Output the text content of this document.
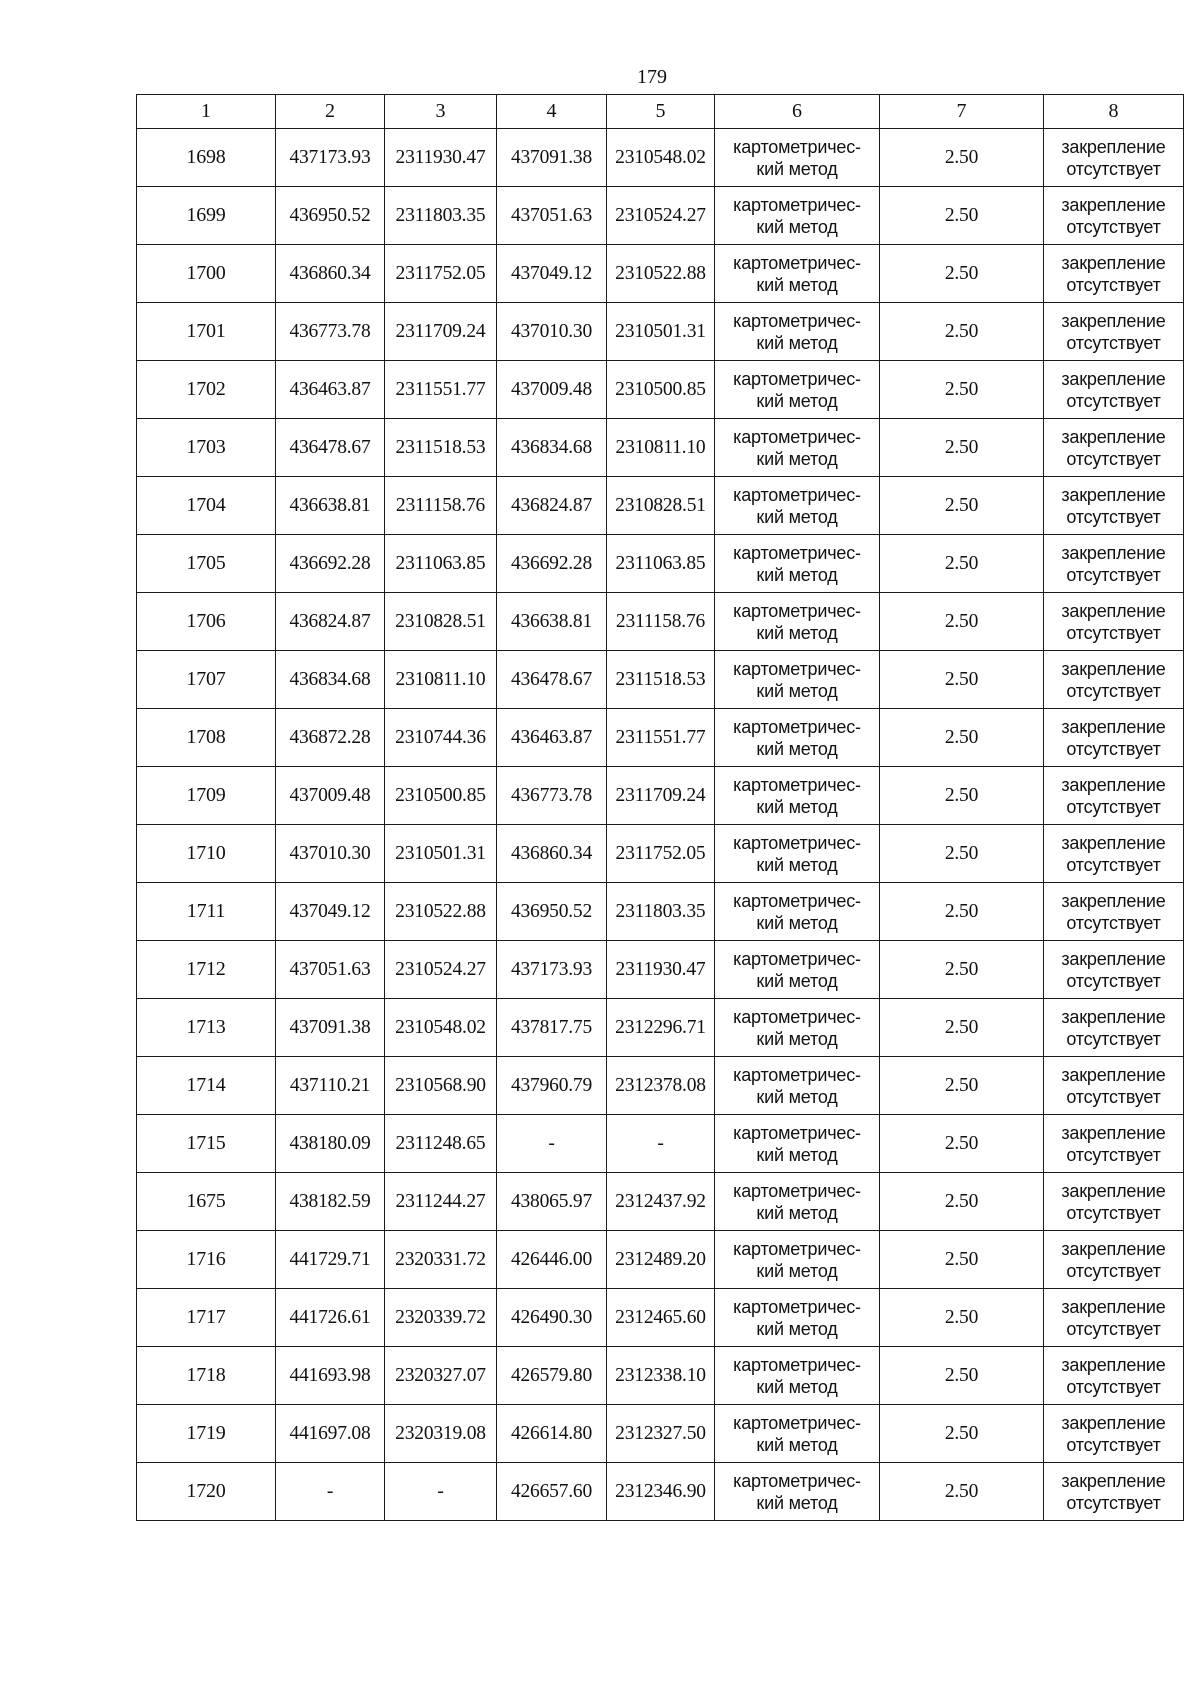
179
1	2	3	4	5	6	7	8
1698	437173.93	2311930.47	437091.38	2310548.02	картометричес-
кий метод	2.50	закрепление
отсутствует

1699	436950.52	2311803.35	437051.63	2310524.27	картометричес-
кий метод	2.50	закрепление
отсутствует

1700	436860.34	2311752.05	437049.12	2310522.88	картометричес-
кий метод	2.50	закрепление
отсутствует

1701	436773.78	2311709.24	437010.30	2310501.31	картометричес-
кий метод	2.50	закрепление
отсутствует

1702	436463.87	2311551.77	437009.48	2310500.85	картометричес-
кий метод	2.50	закрепление
отсутствует

1703	436478.67	2311518.53	436834.68	2310811.10	картометричес-
кий метод	2.50	закрепление
отсутствует

1704	436638.81	2311158.76	436824.87	2310828.51	картометричес-
кий метод	2.50	закрепление
отсутствует

1705	436692.28	2311063.85	436692.28	2311063.85	картометричес-
кий метод	2.50	закрепление
отсутствует

1706	436824.87	2310828.51	436638.81	2311158.76	картометричес-
кий метод	2.50	закрепление
отсутствует

1707	436834.68	2310811.10	436478.67	2311518.53	картометричес-
кий метод	2.50	закрепление
отсутствует

1708	436872.28	2310744.36	436463.87	2311551.77	картометричес-
кий метод	2.50	закрепление
отсутствует

1709	437009.48	2310500.85	436773.78	2311709.24	картометричес-
кий метод	2.50	закрепление
отсутствует

1710	437010.30	2310501.31	436860.34	2311752.05	картометричес-
кий метод	2.50	закрепление
отсутствует

1711	437049.12	2310522.88	436950.52	2311803.35	картометричес-
кий метод	2.50	закрепление
отсутствует

1712	437051.63	2310524.27	437173.93	2311930.47	картометричес-
кий метод	2.50	закрепление
отсутствует

1713	437091.38	2310548.02	437817.75	2312296.71	картометричес-
кий метод	2.50	закрепление
отсутствует

1714	437110.21	2310568.90	437960.79	2312378.08	картометричес-
кий метод	2.50	закрепление
отсутствует

1715	438180.09	2311248.65	-	-	картометричес-
кий метод	2.50	закрепление
отсутствует

1675	438182.59	2311244.27	438065.97	2312437.92	картометричес-
кий метод	2.50	закрепление
отсутствует

1716	441729.71	2320331.72	426446.00	2312489.20	картометричес-
кий метод	2.50	закрепление
отсутствует

1717	441726.61	2320339.72	426490.30	2312465.60	картометричес-
кий метод	2.50	закрепление
отсутствует

1718	441693.98	2320327.07	426579.80	2312338.10	картометричес-
кий метод	2.50	закрепление
отсутствует

1719	441697.08	2320319.08	426614.80	2312327.50	картометричес-
кий метод	2.50	закрепление
отсутствует

1720	-	-	426657.60	2312346.90	картометричес-
кий метод	2.50	закрепление
отсутствует
